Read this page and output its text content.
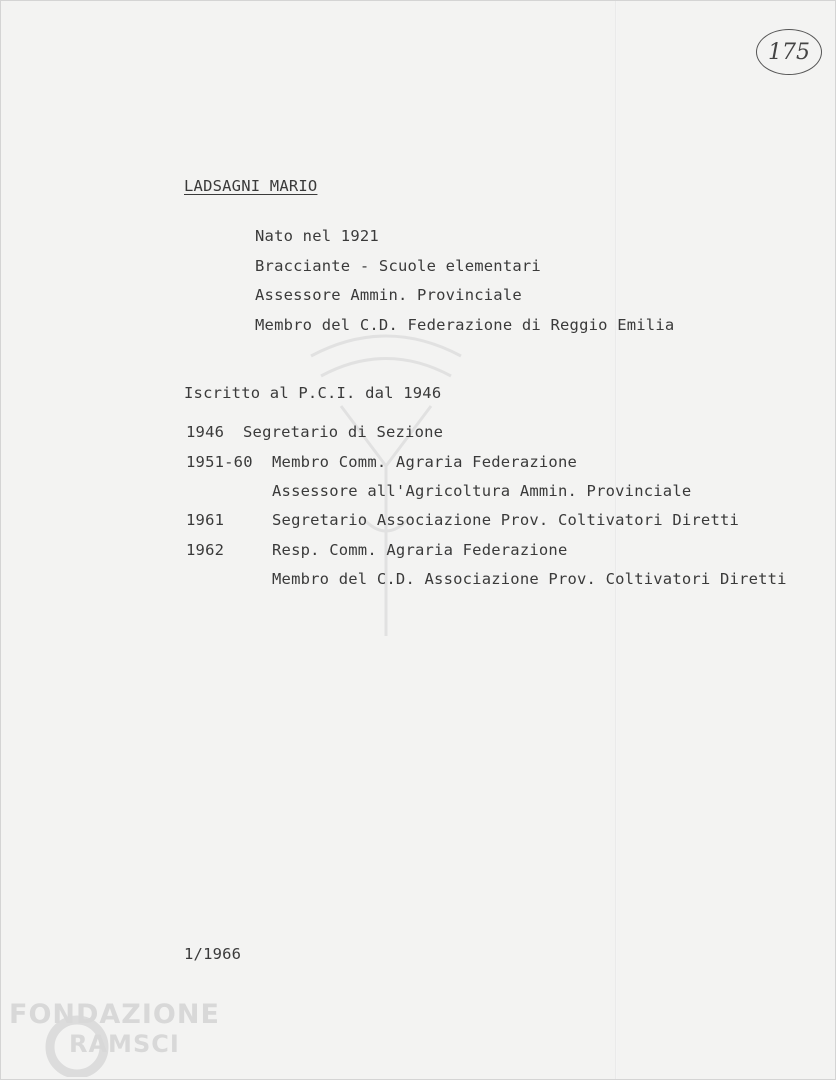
175
LADSAGNI MARIO
Nato nel 1921
Bracciante - Scuole elementari
Assessore Ammin. Provinciale
Membro del C.D. Federazione di Reggio Emilia
Iscritto al P.C.I. dal 1946
1946 Segretario di Sezione
1951-60 Membro Comm. Agraria Federazione
Assessore all'Agricoltura Ammin. Provinciale
1961	Segretario Associazione Prov. Coltivatori Diretti
1962	Resp. Comm. Agraria Federazione
Membro del C.D. Associazione Prov. Coltivatori Diretti
1/1966
FONDAZIONE
RAMSCI
